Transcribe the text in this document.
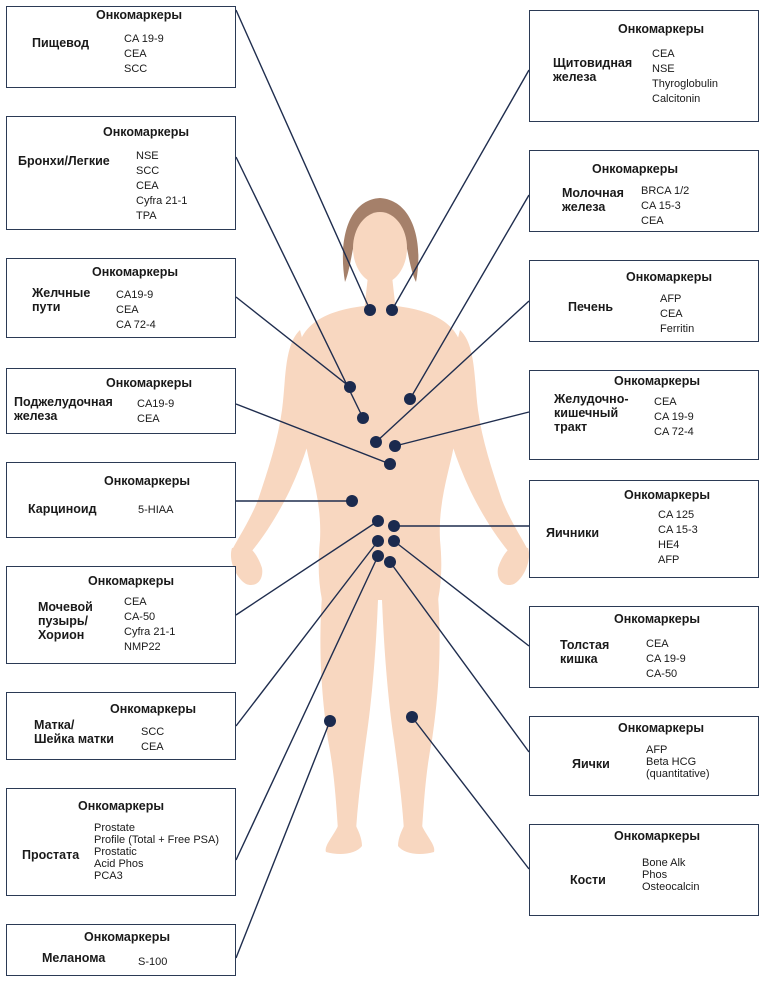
Онкомаркеры
Пищевод	CA 19-9
CEA
SCC
Онкомаркеры
Бронхи/Легкие NSE
SCC
CEA
Cyfra 21-1
TPA
Онкомаркеры
Желчные
пути
CA19-9
CEA
CA 72-4
Онкомаркеры
Поджелудочная
железа
CA19-9
CEA
Онкомаркеры
Карциноид	5-HIAA
Онкомаркеры
Мочевой
пузырь/
Хорион
CEA
CA-50
Cyfra 21-1
NMP22
Онкомаркеры
Матка/
Шейка матки SCC
CEA
Онкомаркеры
Простата
Prostate
Profile (Total + Free PSA)
Prostatic
Acid Phos
PCA3
Онкомаркеры
Меланома	S-100
Онкомаркеры
Щитовидная
железа
CEA
NSE
Thyroglobulin
Calcitonin
Онкомаркеры
Молочная
железа
BRCA 1/2
CA 15-3
CEA
Онкомаркеры
Печень
AFP
CEA
Ferritin
Онкомаркеры
Желудочно-
кишечный
тракт
CEA
CA 19-9
CA 72-4
Онкомаркеры
Яичники
CA 125
CA 15-3
HE4
AFP
Онкомаркеры
Толстая
кишка
CEA
CA 19-9
CA-50
Онкомаркеры
Яички
AFP
Beta HCG
(quantitative)
Онкомаркеры
Кости
Bone Alk
Phos
Osteocalcin
